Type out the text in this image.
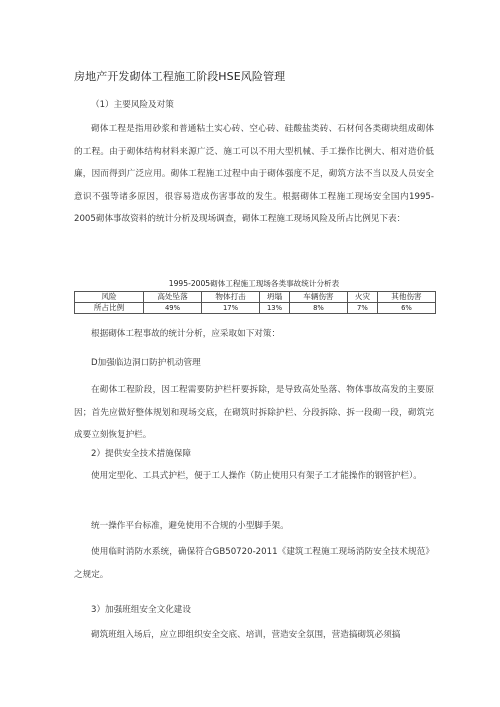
房地产开发砌体工程施工阶段HSE风险管理

（1）主要风险及对策

砌体工程是指用砂浆和普通粘土实心砖、空心砖、硅酸盐类砖、石材何各类砌块组成砌体的工程。由于砌体结构材料来源广泛、施工可以不用大型机械、手工操作比例大、相对造价低廉，因而得到广泛应用。砌体工程施工过程中由于砌体强度不足，砌筑方法不当以及人员安全意识不强等诸多原因，很容易造成伤害事故的发生。根据砌体工程施工现场安全国内1995-2005砌体事故资料的统计分析及现场调查，砌体工程施工现场风险及所占比例见下表：

1995-2005砌体工程施工现场各类事故统计分析表
风险	高处坠落	物体打击	坍塌	车辆伤害	火灾	其他伤害
所占比例	49%	17%	13%	8%	7%	6%

根据砌体工程事故的统计分析，应采取如下对策：

D加强临边洞口防护机动管理

在砌体工程阶段，因工程需要防护栏杆要拆除，是导致高处坠落、物体事故高发的主要原因；首先应做好整体规划和现场交底，在砌筑时拆除护栏、分段拆除、拆一段砌一段，砌筑完成要立刻恢复护栏。

2）提供安全技术措施保障

使用定型化、工具式护栏，便于工人操作（防止使用只有架子工才能操作的钢管护栏）。

统一操作平台标准，避免使用不合规的小型脚手架。

使用临时消防水系统，确保符合GB50720-2011《建筑工程施工现场消防安全技术规范》之规定。

3）加强班组安全文化建设

砌筑班组入场后，应立即组织安全交底、培训，营造安全氛围，营造搞砌筑必须搞
